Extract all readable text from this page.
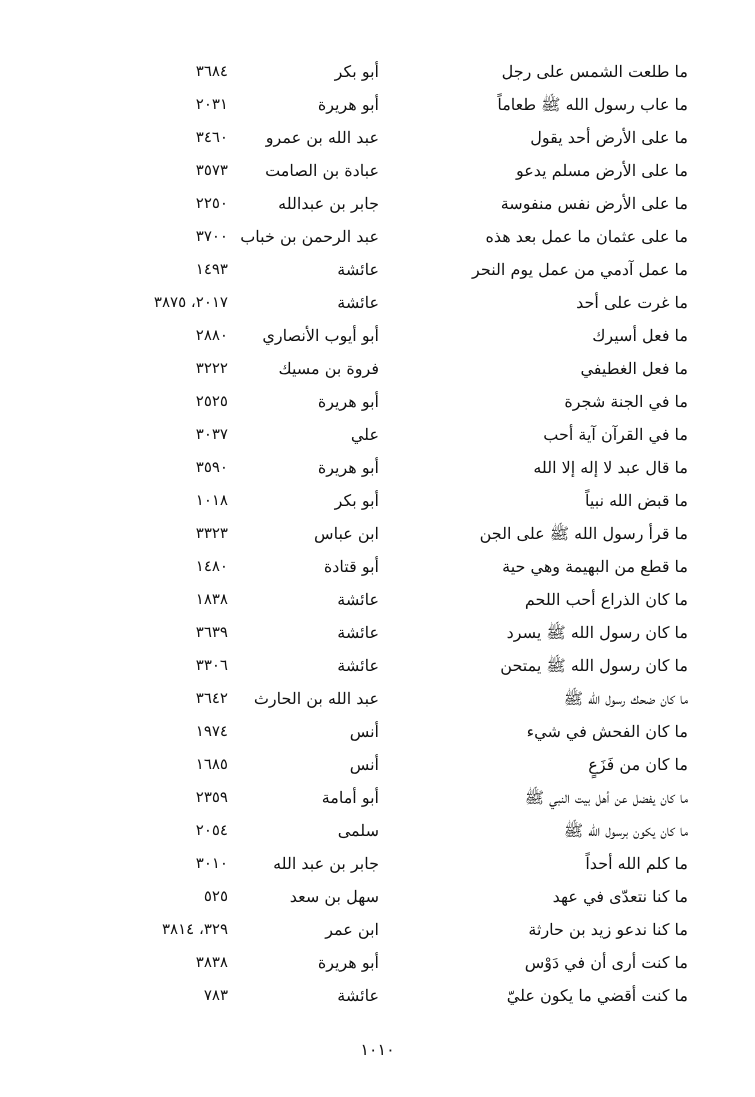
ما طلعت الشمس على رجل
أبو بكر
٣٦٨٤
ما عاب رسول الله ﷺ طعاماً
أبو هريرة
٢٠٣١
ما على الأرض أحد يقول
عبد الله بن عمرو
٣٤٦٠
ما على الأرض مسلم يدعو
عبادة بن الصامت
٣٥٧٣
ما على الأرض نفس منفوسة
جابر بن عبدالله
٢٢٥٠
ما على عثمان ما عمل بعد هذه
عبد الرحمن بن خباب
٣٧٠٠
ما عمل آدمي من عمل يوم النحر
عائشة
١٤٩٣
ما غرت على أحد
عائشة
٢٠١٧، ٣٨٧٥
ما فعل أسيرك
أبو أيوب الأنصاري
٢٨٨٠
ما فعل الغطيفي
فروة بن مسيك
٣٢٢٢
ما في الجنة شجرة
أبو هريرة
٢٥٢٥
ما في القرآن آية أحب
علي
٣٠٣٧
ما قال عبد لا إله إلا الله
أبو هريرة
٣٥٩٠
ما قبض الله نبياً
أبو بكر
١٠١٨
ما قرأ رسول الله ﷺ على الجن
ابن عباس
٣٣٢٣
ما قطع من البهيمة وهي حية
أبو قتادة
١٤٨٠
ما كان الذراع أحب اللحم
عائشة
١٨٣٨
ما كان رسول الله ﷺ يسرد
عائشة
٣٦٣٩
ما كان رسول الله ﷺ يمتحن
عائشة
٣٣٠٦
ما كان ضحك رسول الله ﷺ
عبد الله بن الحارث
٣٦٤٢
ما كان الفحش في شيء
أنس
١٩٧٤
ما كان من فَزَعٍ
أنس
١٦٨٥
ما كان يفضل عن أهل بيت النبي ﷺ
أبو أمامة
٢٣٥٩
ما كان يكون برسول الله ﷺ
سلمى
٢٠٥٤
ما كلم الله أحداً
جابر بن عبد الله
٣٠١٠
ما كنا نتعدّى في عهد
سهل بن سعد
٥٢٥
ما كنا ندعو زيد بن حارثة
ابن عمر
٣٢٩، ٣٨١٤
ما كنت أرى أن في دَوْس
أبو هريرة
٣٨٣٨
ما كنت أقضي ما يكون عليّ
عائشة
٧٨٣
١٠١٠
